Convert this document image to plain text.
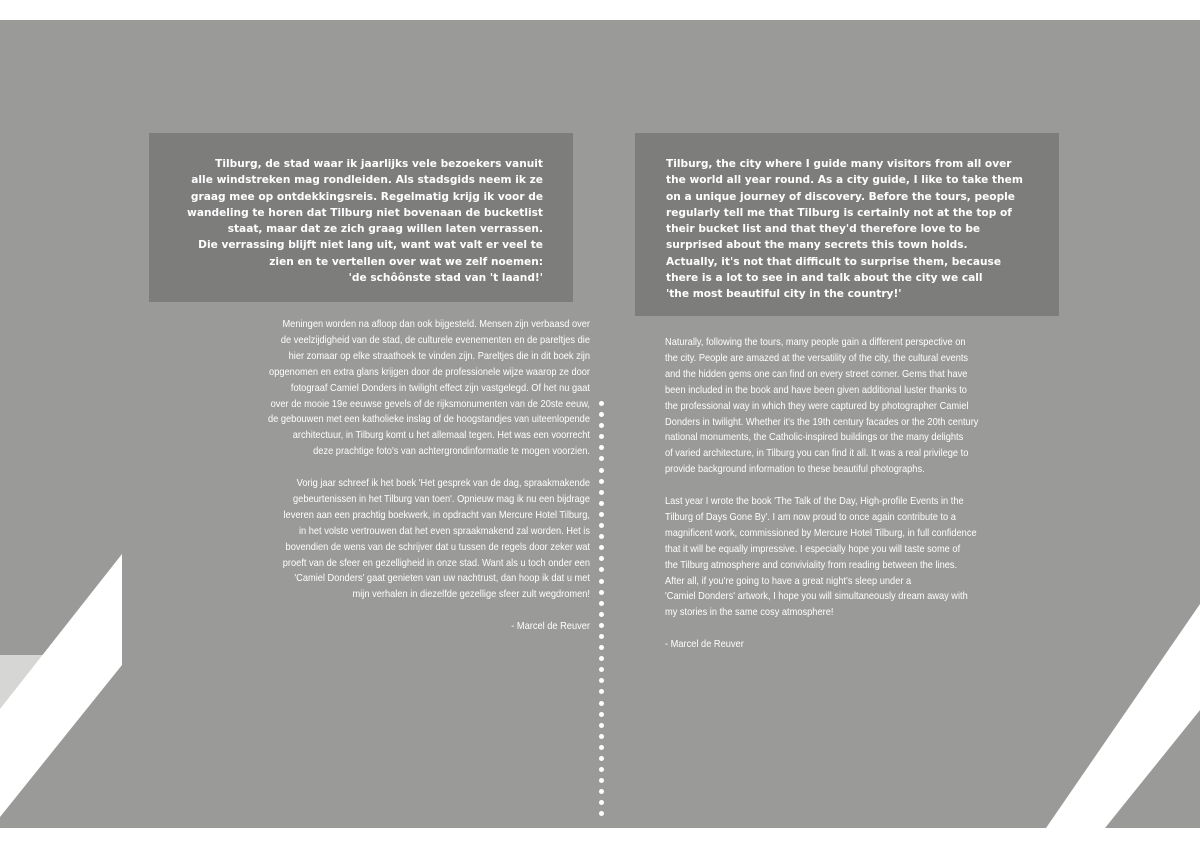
Tilburg, de stad waar ik jaarlijks vele bezoekers vanuit
alle windstreken mag rondleiden. Als stadsgids neem ik ze
graag mee op ontdekkingsreis. Regelmatig krijg ik voor de
wandeling te horen dat Tilburg niet bovenaan de bucketlist
staat, maar dat ze zich graag willen laten verrassen.
Die verrassing blijft niet lang uit, want wat valt er veel te
zien en te vertellen over wat we zelf noemen:
'de schôônste stad van 't laand!'
Meningen worden na afloop dan ook bijgesteld. Mensen zijn verbaasd over
de veelzijdigheid van de stad, de culturele evenementen en de pareltjes die
hier zomaar op elke straathoek te vinden zijn. Pareltjes die in dit boek zijn
opgenomen en extra glans krijgen door de professionele wijze waarop ze door
fotograaf Camiel Donders in twilight effect zijn vastgelegd. Of het nu gaat
over de mooie 19e eeuwse gevels of de rijksmonumenten van de 20ste eeuw,
de gebouwen met een katholieke inslag of de hoogstandjes van uiteenlopende
architectuur, in Tilburg komt u het allemaal tegen. Het was een voorrecht
deze prachtige foto's van achtergrondinformatie te mogen voorzien.
Vorig jaar schreef ik het boek 'Het gesprek van de dag, spraakmakende
gebeurtenissen in het Tilburg van toen'. Opnieuw mag ik nu een bijdrage
leveren aan een prachtig boekwerk, in opdracht van Mercure Hotel Tilburg,
in het volste vertrouwen dat het even spraakmakend zal worden. Het is
bovendien de wens van de schrijver dat u tussen de regels door zeker wat
proeft van de sfeer en gezelligheid in onze stad. Want als u toch onder een
'Camiel Donders' gaat genieten van uw nachtrust, dan hoop ik dat u met
mijn verhalen in diezelfde gezellige sfeer zult wegdromen!
- Marcel de Reuver
Tilburg, the city where I guide many visitors from all over
the world all year round. As a city guide, I like to take them
on a unique journey of discovery. Before the tours, people
regularly tell me that Tilburg is certainly not at the top of
their bucket list and that they'd therefore love to be
surprised about the many secrets this town holds.
Actually, it's not that difficult to surprise them, because
there is a lot to see in and talk about the city we call
'the most beautiful city in the country!'
Naturally, following the tours, many people gain a different perspective on
the city. People are amazed at the versatility of the city, the cultural events
and the hidden gems one can find on every street corner. Gems that have
been included in the book and have been given additional luster thanks to
the professional way in which they were captured by photographer Camiel
Donders in twilight. Whether it's the 19th century facades or the 20th century
national monuments, the Catholic-inspired buildings or the many delights
of varied architecture, in Tilburg you can find it all. It was a real privilege to
provide background information to these beautiful photographs.
Last year I wrote the book 'The Talk of the Day, High-profile Events in the
Tilburg of Days Gone By'. I am now proud to once again contribute to a
magnificent work, commissioned by Mercure Hotel Tilburg, in full confidence
that it will be equally impressive. I especially hope you will taste some of
the Tilburg atmosphere and conviviality from reading between the lines.
After all, if you're going to have a great night's sleep under a
'Camiel Donders' artwork, I hope you will simultaneously dream away with
my stories in the same cosy atmosphere!
- Marcel de Reuver
